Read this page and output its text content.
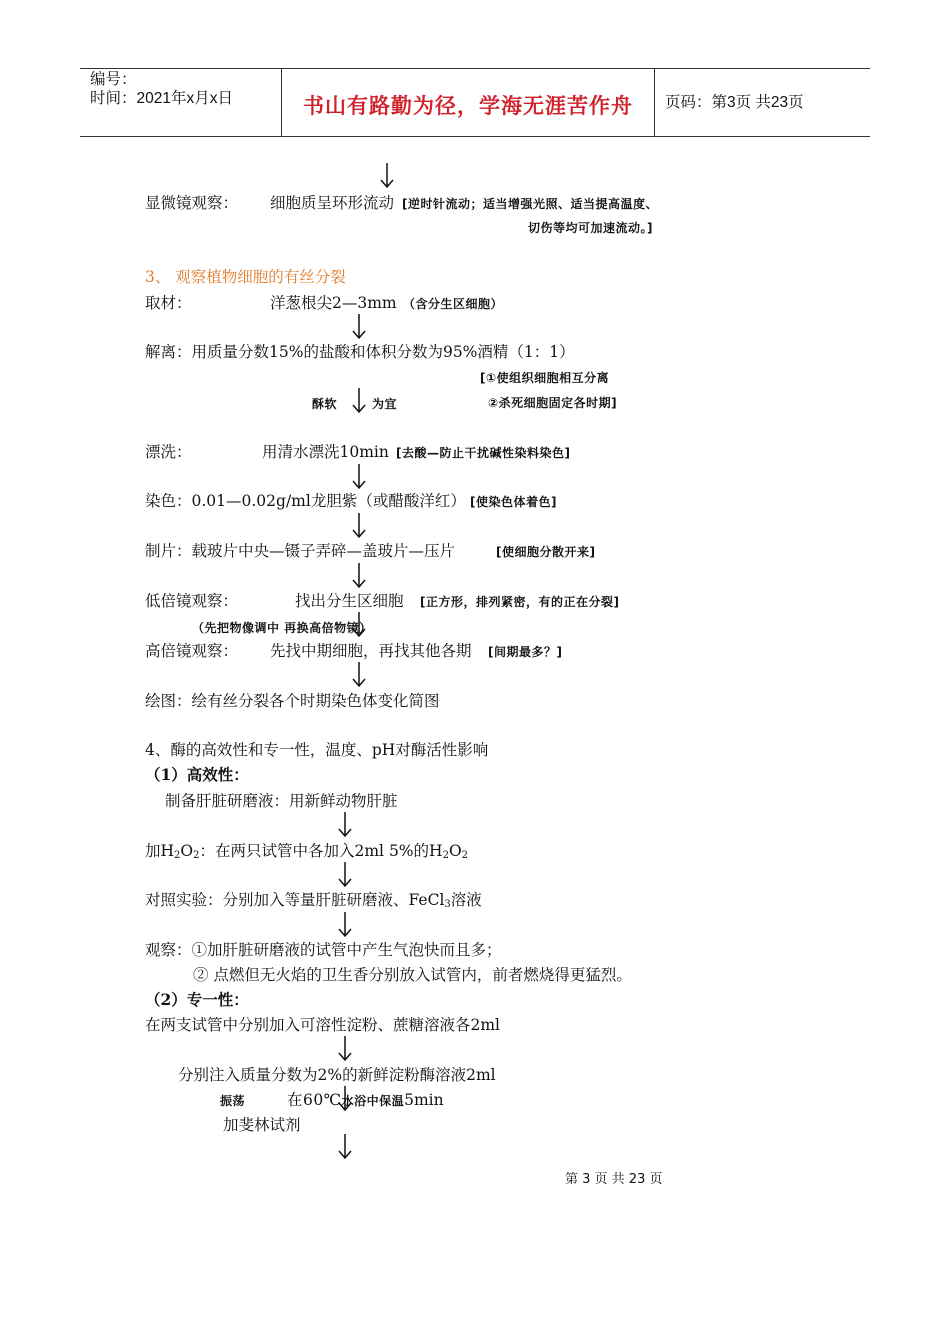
编号：
时间：2021年x月x日	书山有路勤为径，学海无涯苦作舟	页码：第3页 共23页
显微镜观察： 细胞质呈环形流动 [逆时针流动；适当增强光照、适当提高温度、
切伤等均可加速流动。]
3、 观察植物细胞的有丝分裂
取材：	洋葱根尖2—3mm （含分生区细胞）
解离：用质量分数15%的盐酸和体积分数为95%酒精（1：1）
[①使组织细胞相互分离
酥软	为宜	②杀死细胞固定各时期]
漂洗：	用清水漂洗10min [去酸—防止干扰碱性染料染色]
染色：0.01—0.02g/ml龙胆紫（或醋酸洋红） [使染色体着色]
制片：载玻片中央—镊子弄碎—盖玻片—压片	[使细胞分散开来]
低倍镜观察：	找出分生区细胞 [正方形，排列紧密，有的正在分裂]
（先把物像调中 再换高倍物镜）
高倍镜观察： 先找中期细胞，再找其他各期 [间期最多？]
绘图：绘有丝分裂各个时期染色体变化简图
4、酶的高效性和专一性，温度、pH对酶活性影响
（1）高效性：
制备肝脏研磨液：用新鲜动物肝脏
加$H_2O_2$：在两只试管中各加入2ml 5%的$H_2O_2$
对照实验：分别加入等量肝脏研磨液、FeCl$_3$溶液
观察：①加肝脏研磨液的试管中产生气泡快而且多；
② 点燃但无火焰的卫生香分别放入试管内，前者燃烧得更猛烈。
（2）专一性：
在两支试管中分别加入可溶性淀粉、蔗糖溶液各2ml
分别注入质量分数为2%的新鲜淀粉酶溶液2ml
振荡	在60℃水浴中保温5min
加斐林试剂
第 3 页 共 23 页
